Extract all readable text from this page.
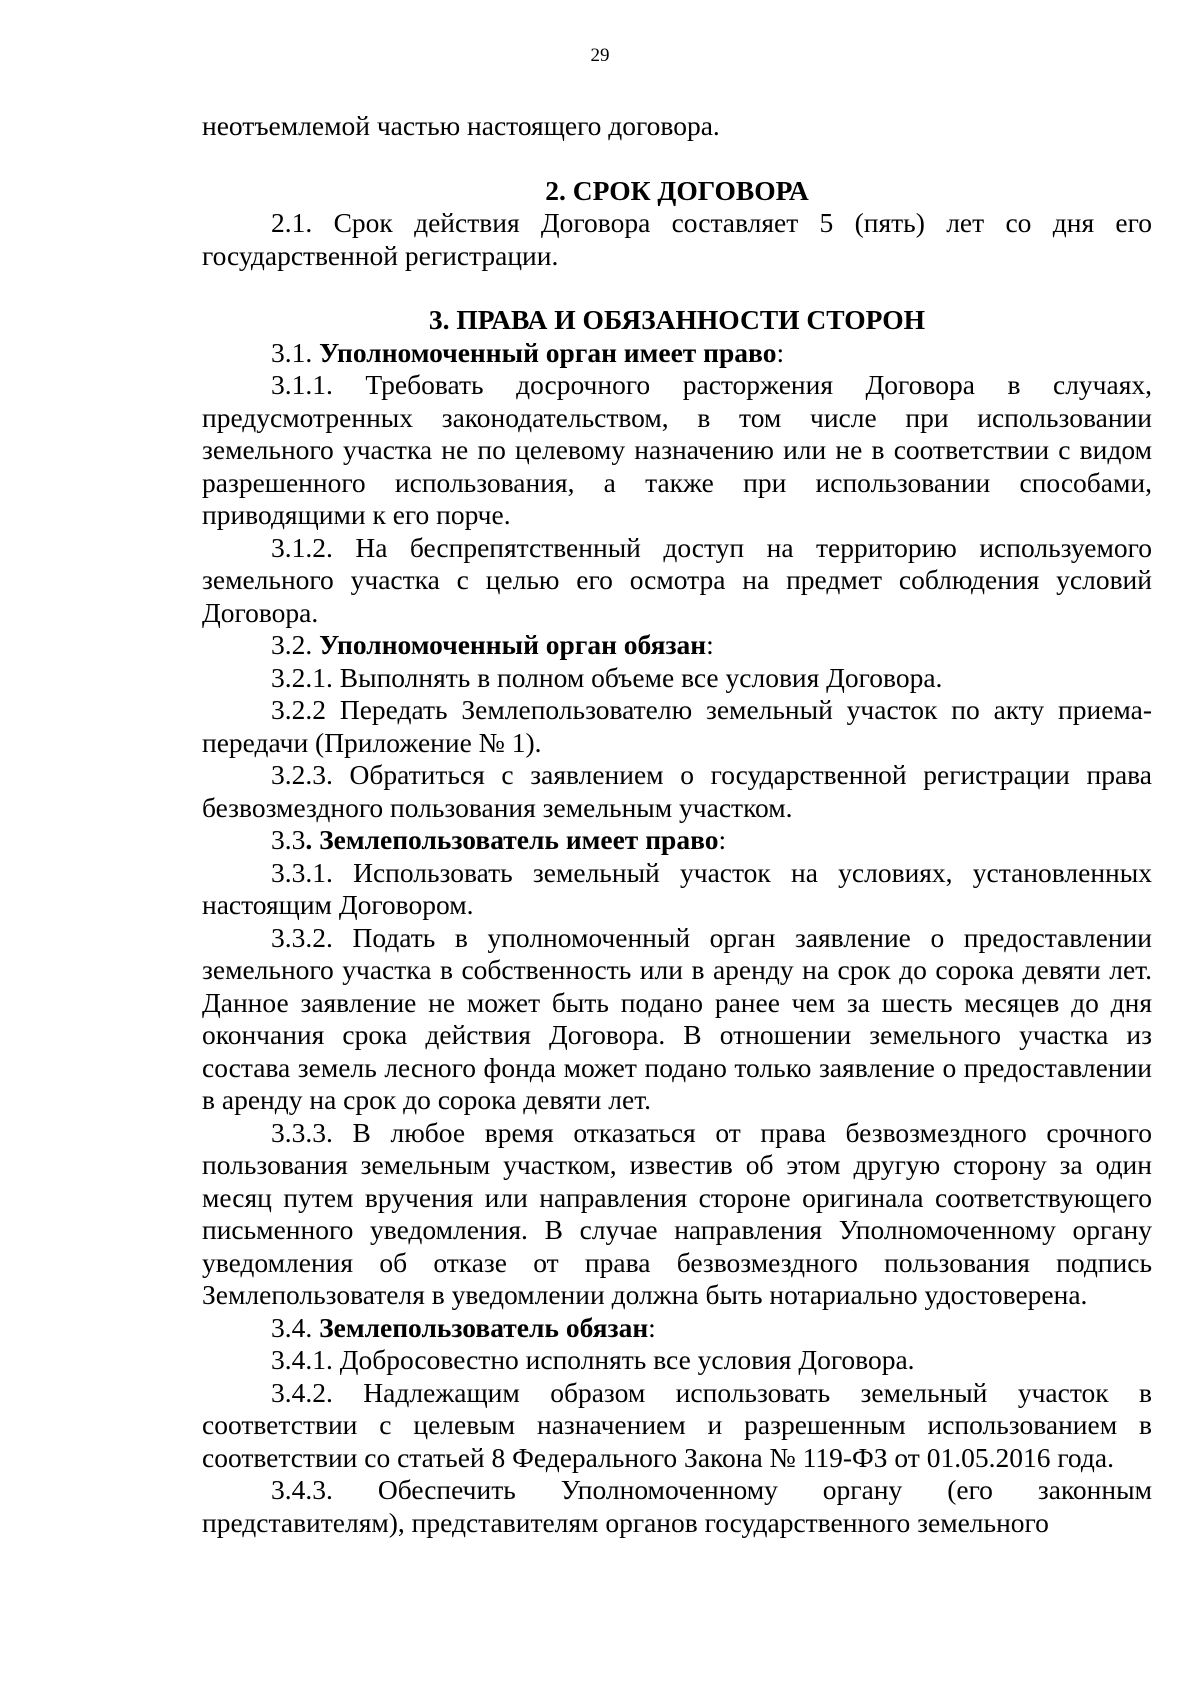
29

неотъемлемой частью настоящего договора.

2. СРОК ДОГОВОРА

2.1. Срок действия Договора составляет 5 (пять) лет со дня его государственной регистрации.

3. ПРАВА И ОБЯЗАННОСТИ СТОРОН

3.1. Уполномоченный орган имеет право:

3.1.1. Требовать досрочного расторжения Договора в случаях, предусмотренных законодательством, в том числе при использовании земельного участка не по целевому назначению или не в соответствии с видом разрешенного использования, а также при использовании способами, приводящими к его порче.

3.1.2. На беспрепятственный доступ на территорию используемого земельного участка с целью его осмотра на предмет соблюдения условий Договора.

3.2. Уполномоченный орган обязан:

3.2.1. Выполнять в полном объеме все условия Договора.

3.2.2 Передать Землепользователю земельный участок по акту приема-передачи (Приложение № 1).

3.2.3. Обратиться с заявлением о государственной регистрации права безвозмездного пользования земельным участком.

3.3. Землепользователь имеет право:

3.3.1. Использовать земельный участок на условиях, установленных настоящим Договором.

3.3.2. Подать в уполномоченный орган заявление о предоставлении земельного участка в собственность или в аренду на срок до сорока девяти лет. Данное заявление не может быть подано ранее чем за шесть месяцев до дня окончания срока действия Договора. В отношении земельного участка из состава земель лесного фонда может подано только заявление о предоставлении в аренду на срок до сорока девяти лет.

3.3.3. В любое время отказаться от права безвозмездного срочного пользования земельным участком, известив об этом другую сторону за один месяц путем вручения или направления стороне оригинала соответствующего письменного уведомления. В случае направления Уполномоченному органу уведомления об отказе от права безвозмездного пользования подпись Землепользователя в уведомлении должна быть нотариально удостоверена.

3.4. Землепользователь обязан:

3.4.1. Добросовестно исполнять все условия Договора.

3.4.2. Надлежащим образом использовать земельный участок в соответствии с целевым назначением и разрешенным использованием в соответствии со статьей 8 Федерального Закона № 119-ФЗ от 01.05.2016 года.

3.4.3. Обеспечить Уполномоченному органу (его законным представителям), представителям органов государственного земельного
